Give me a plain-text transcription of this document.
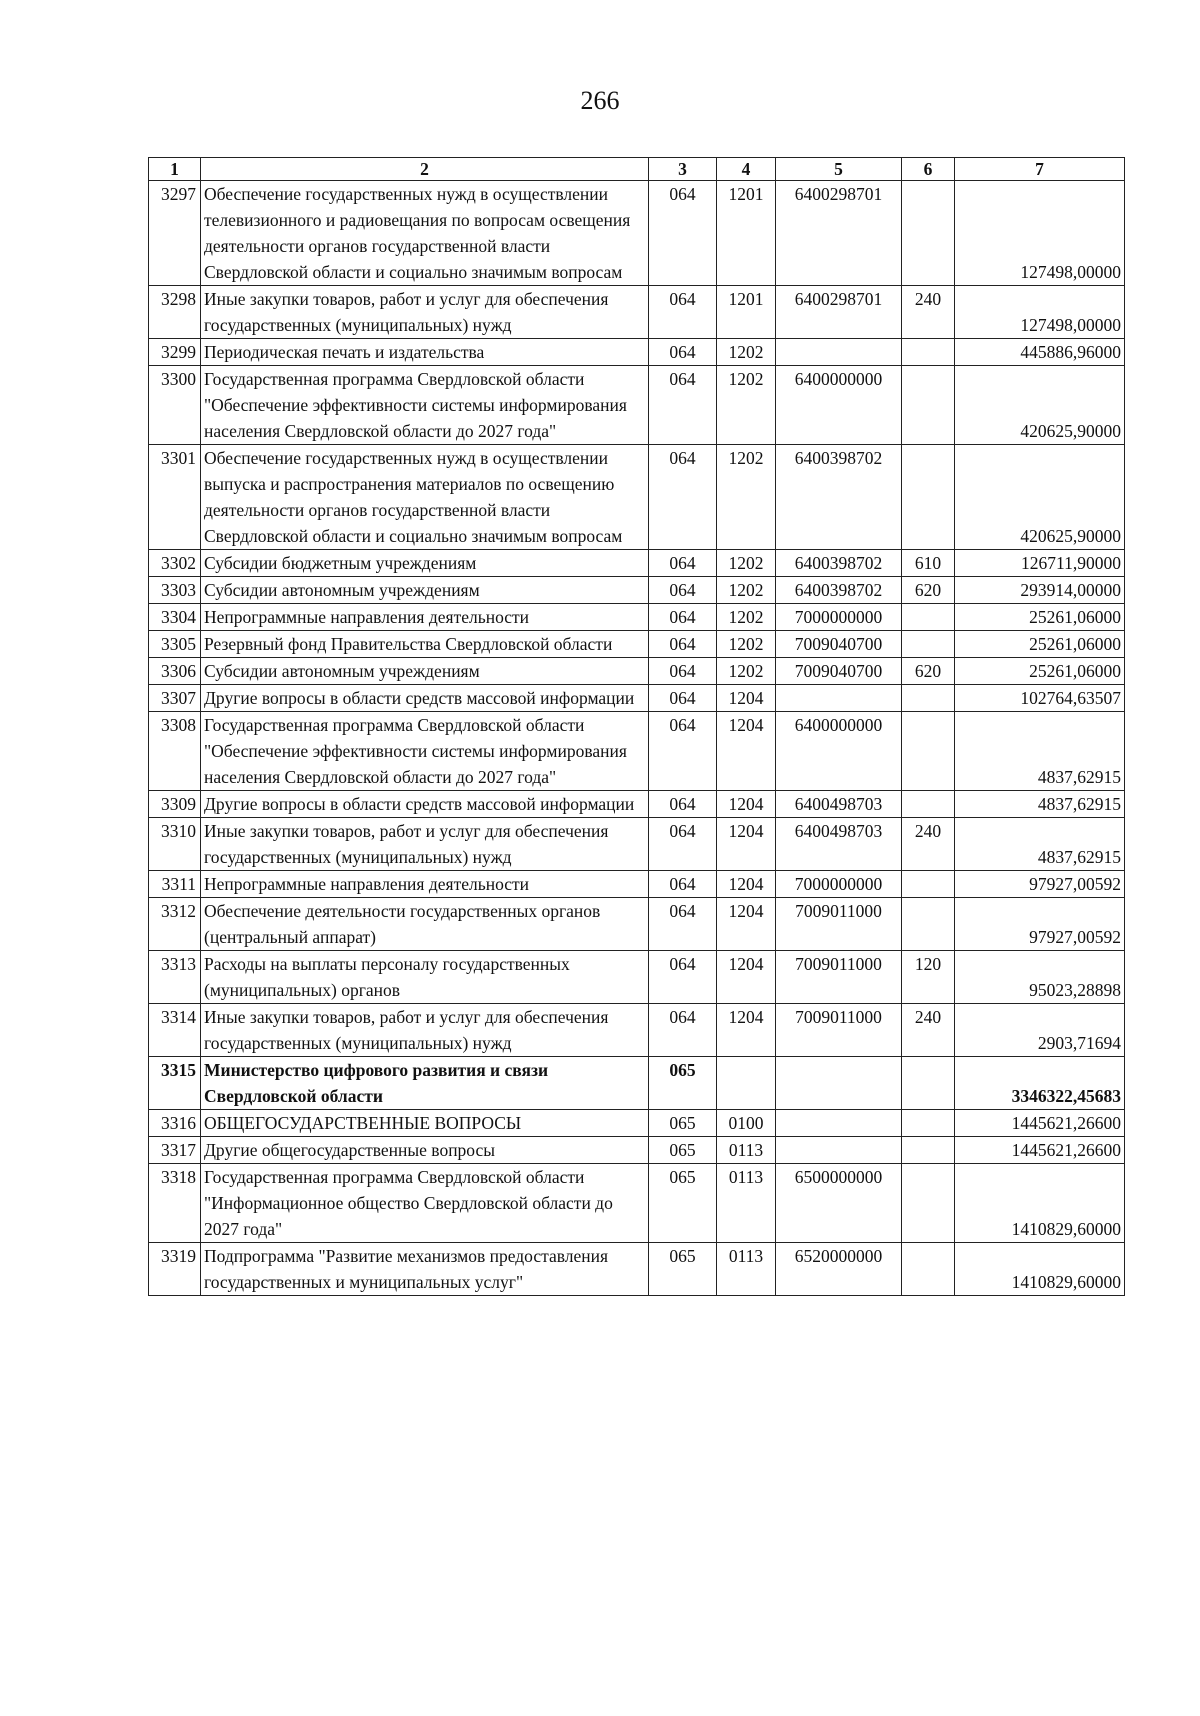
266
1	2	3	4	5	6	7
3297	Обеспечение государственных нужд в осуществлении телевизионного и радиовещания по вопросам освещения деятельности органов государственной власти Свердловской области и социально значимым вопросам	064	1201	6400298701		127498,00000
3298	Иные закупки товаров, работ и услуг для обеспечения государственных (муниципальных) нужд	064	1201	6400298701	240	127498,00000
3299	Периодическая печать и издательства	064	1202			445886,96000
3300	Государственная программа Свердловской области "Обеспечение эффективности системы информирования населения Свердловской области до 2027 года"	064	1202	6400000000		420625,90000
3301	Обеспечение государственных нужд в осуществлении выпуска и распространения материалов по освещению деятельности органов государственной власти Свердловской области и социально значимым вопросам	064	1202	6400398702		420625,90000
3302	Субсидии бюджетным учреждениям	064	1202	6400398702	610	126711,90000
3303	Субсидии автономным учреждениям	064	1202	6400398702	620	293914,00000
3304	Непрограммные направления деятельности	064	1202	7000000000		25261,06000
3305	Резервный фонд Правительства Свердловской области	064	1202	7009040700		25261,06000
3306	Субсидии автономным учреждениям	064	1202	7009040700	620	25261,06000
3307	Другие вопросы в области средств массовой информации	064	1204			102764,63507
3308	Государственная программа Свердловской области "Обеспечение эффективности системы информирования населения Свердловской области до 2027 года"	064	1204	6400000000		4837,62915
3309	Другие вопросы в области средств массовой информации	064	1204	6400498703		4837,62915
3310	Иные закупки товаров, работ и услуг для обеспечения государственных (муниципальных) нужд	064	1204	6400498703	240	4837,62915
3311	Непрограммные направления деятельности	064	1204	7000000000		97927,00592
3312	Обеспечение деятельности государственных органов (центральный аппарат)	064	1204	7009011000		97927,00592
3313	Расходы на выплаты персоналу государственных (муниципальных) органов	064	1204	7009011000	120	95023,28898
3314	Иные закупки товаров, работ и услуг для обеспечения государственных (муниципальных) нужд	064	1204	7009011000	240	2903,71694
3315	Министерство цифрового развития и связи Свердловской области	065				3346322,45683
3316	ОБЩЕГОСУДАРСТВЕННЫЕ ВОПРОСЫ	065	0100			1445621,26600
3317	Другие общегосударственные вопросы	065	0113			1445621,26600
3318	Государственная программа Свердловской области "Информационное общество Свердловской области до 2027 года"	065	0113	6500000000		1410829,60000
3319	Подпрограмма "Развитие механизмов предоставления государственных и муниципальных услуг"	065	0113	6520000000		1410829,60000
